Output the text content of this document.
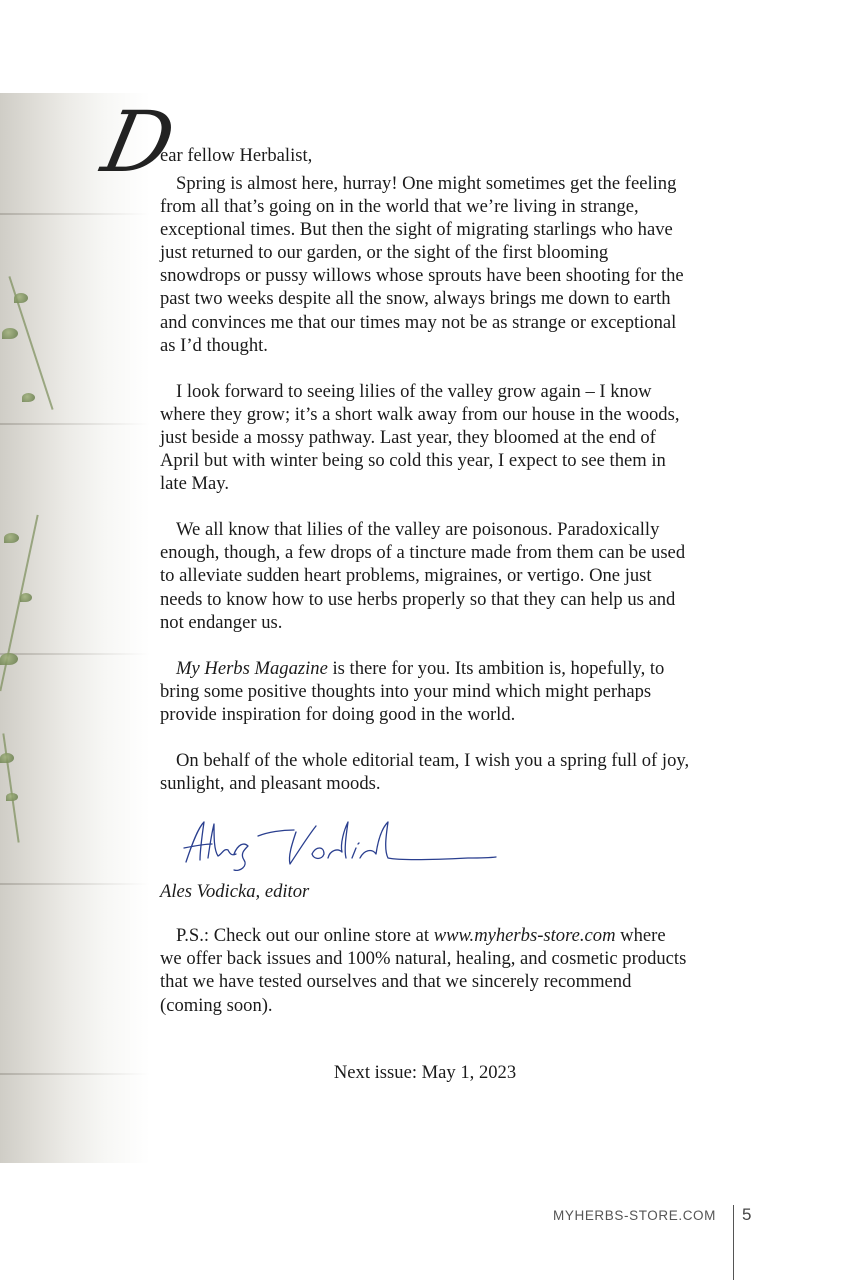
D
ear fellow Herbalist,

Spring is almost here, hurray! One might sometimes get the feeling from all that’s going on in the world that we’re living in strange, exceptional times. But then the sight of migrating starlings who have just returned to our garden, or the sight of the first blooming snowdrops or pussy willows whose sprouts have been shooting for the past two weeks despite all the snow, always brings me down to earth and convinces me that our times may not be as strange or exceptional as I’d thought.

I look forward to seeing lilies of the valley grow again – I know where they grow; it’s a short walk away from our house in the woods, just beside a mossy pathway. Last year, they bloomed at the end of April but with winter being so cold this year, I expect to see them in late May.

We all know that lilies of the valley are poisonous. Paradoxically enough, though, a few drops of a tincture made from them can be used to alleviate sudden heart problems, migraines, or vertigo. One just needs to know how to use herbs properly so that they can help us and not endanger us.

My Herbs Magazine is there for you. Its ambition is, hopefully, to bring some positive thoughts into your mind which might perhaps provide inspiration for doing good in the world.

On behalf of the whole editorial team, I wish you a spring full of joy, sunlight, and pleasant moods.

Ales Vodicka, editor

P.S.: Check out our online store at www.myherbs-store.com where we offer back issues and 100% natural, healing, and cosmetic products that we have tested ourselves and that we sincerely recommend (coming soon).

Next issue: May 1, 2023
MYHERBS-STORE.COM 5
